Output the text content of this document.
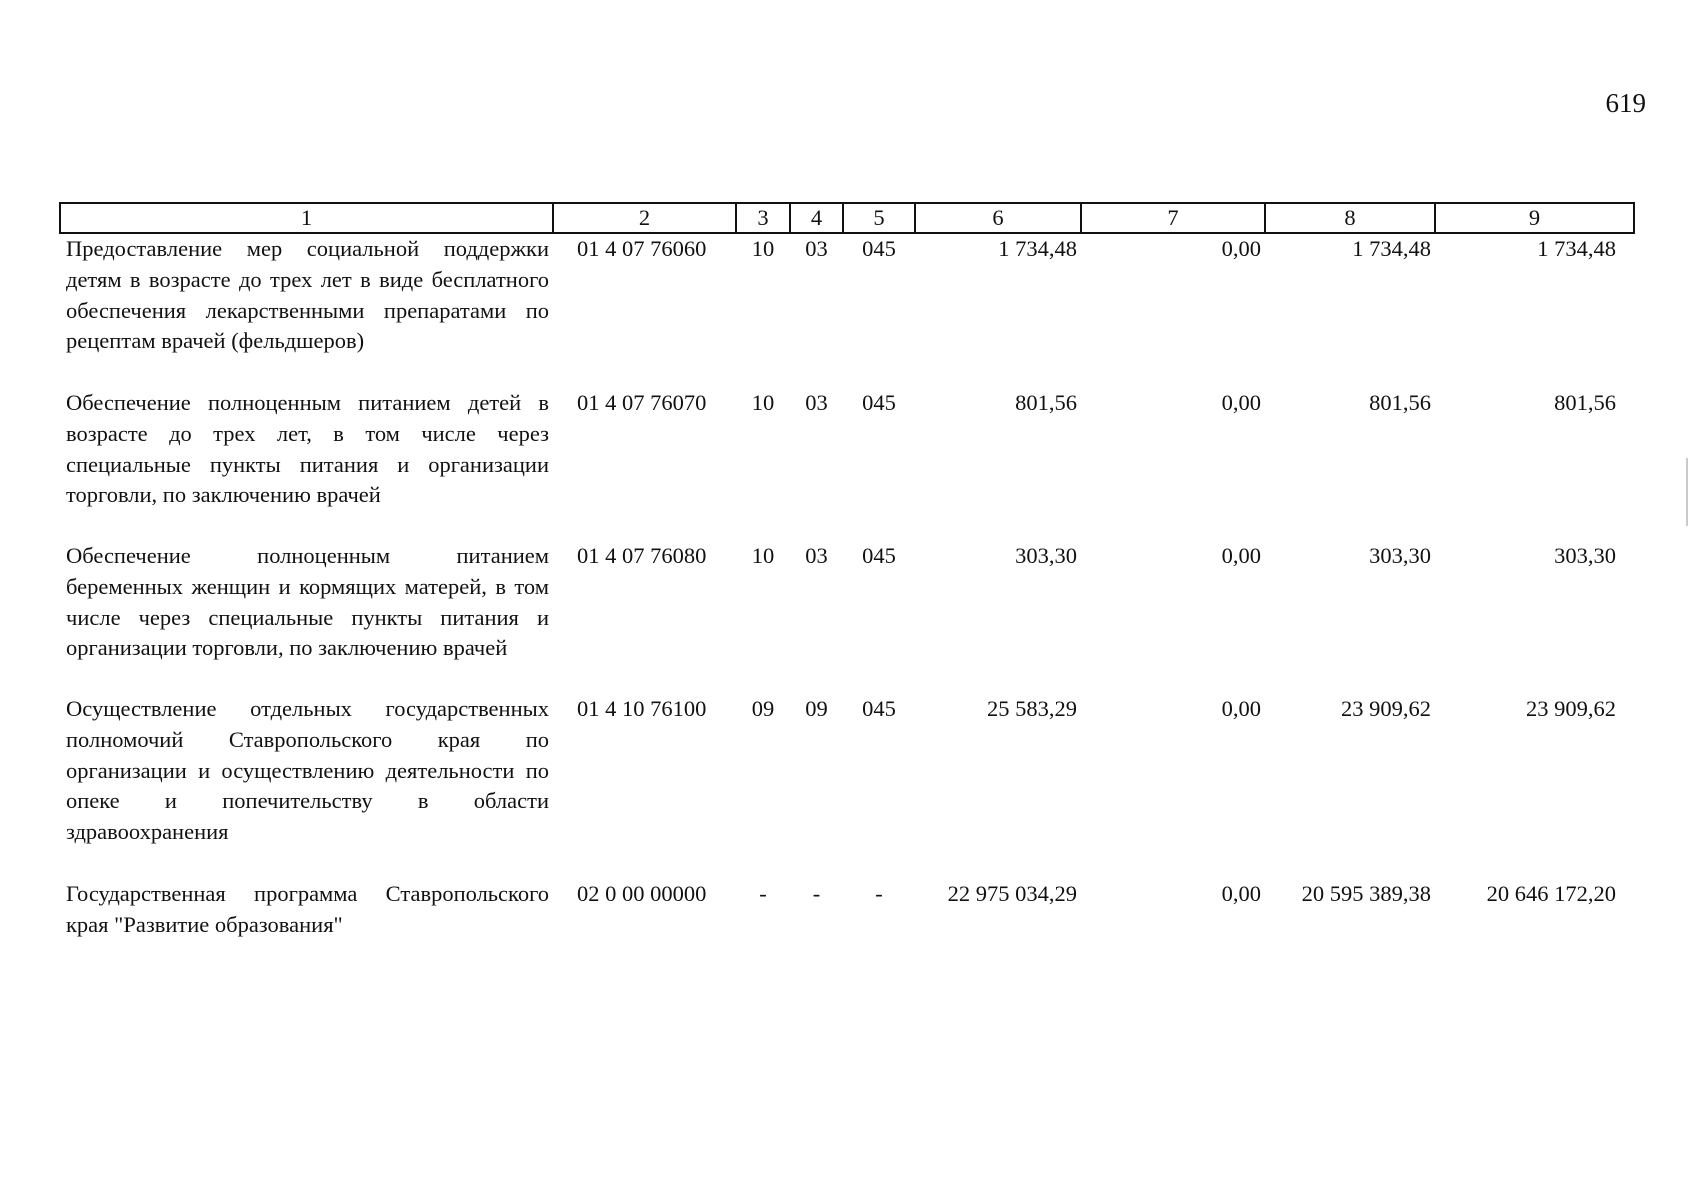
619
1	2	3	4	5	6	7	8	9
Предоставление мер социальной поддержки детям в возрасте до трех лет в виде бесплатного обеспечения лекарственными препаратами по рецептам врачей (фельдшеров)	01 4 07 76060	10	03	045	1 734,48	0,00	1 734,48	1 734,48
Обеспечение полноценным питанием детей в возрасте до трех лет, в том числе через специальные пункты питания и организации торговли, по заключению врачей	01 4 07 76070	10	03	045	801,56	0,00	801,56	801,56
Обеспечение полноценным питанием беременных женщин и кормящих матерей, в том числе через специальные пункты питания и организации торговли, по заключению врачей	01 4 07 76080	10	03	045	303,30	0,00	303,30	303,30
Осуществление отдельных государственных полномочий Ставропольского края по организации и осуществлению деятельности по опеке и попечительству в области здравоохранения	01 4 10 76100	09	09	045	25 583,29	0,00	23 909,62	23 909,62
Государственная программа Ставропольского края "Развитие образования"	02 0 00 00000	-	-	-	22 975 034,29	0,00	20 595 389,38	20 646 172,20
